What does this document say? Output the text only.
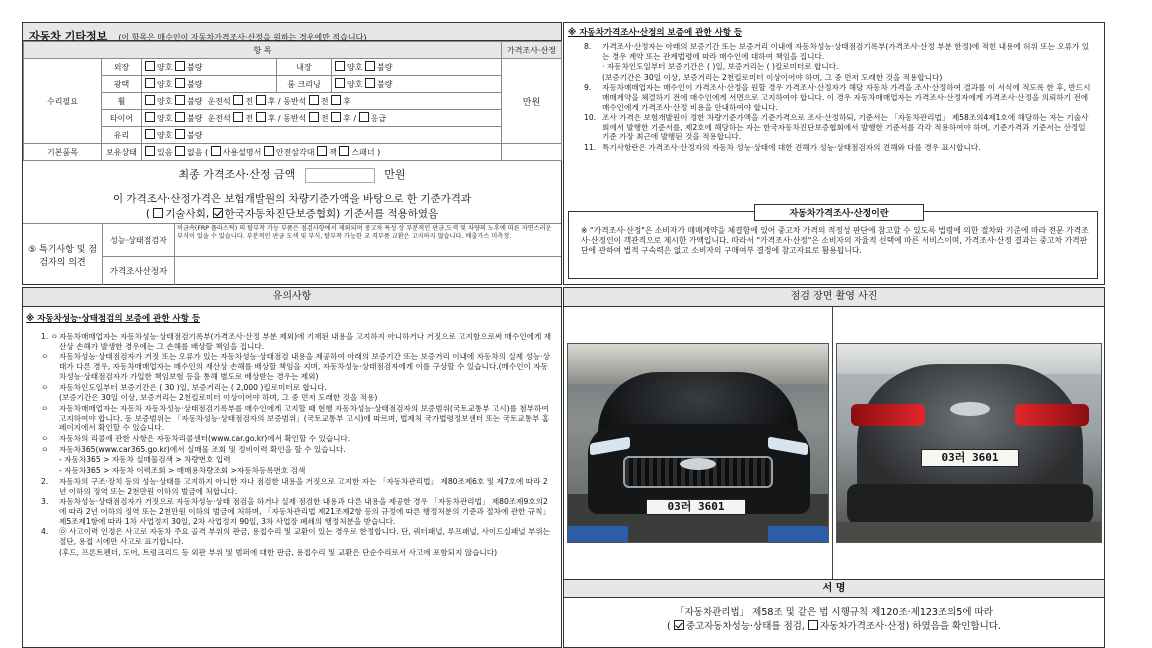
자동차 기타정보 (이 항목은 매수인이 자동차가격조사·산정을 원하는 경우에만 적습니다)
항 목					가격조사·산정
수리필요	외장	양호 불량	내장	양호 불량	만원
	광택	양호 불량	룸 크리닝	양호 불량	
	휠	양호 불량 운전석 전 후 / 동반석 전 후			
	타이어	양호 불량 운전석 전 후 / 동반석 전 후 / 응급			
	유리	양호 불량			
기본품목	보유상태	있음 없음 ( 사용설명서 안전삼각대 잭 스패너 )			
최종 가격조사·산정 금액	만원
이 가격조사·산정가격은 보험개발원의 차량기준가액을 바탕으로 한 기준가격과
( 기술사회, 한국자동차진단보증협회) 기준서를 적용하였음
⑤ 특기사항 및 점검자의 의견
성능·상태점검자
비금속(FRP 플라스틱) 의 탈부착 가능 부품은 점검사항에서 제외되며 중고차 특성 상 부분적인 판금,도색 및 차량의 노후에 따른 자연스러운 부식이 있을 수 있습니다. 부분적인 판금 도색 및 부식, 탈부착 가능한 교 격부품 교환은 고지하지 않습니다. 배출가스 미측정.
가격조사산정자
※ 자동차가격조사·산정의 보증에 관한 사항 등
8. 가격조사·산정자는 아래의 보증기간 또는 보증거리 이내에 자동차성능·상태점검기록부(가격조사·산정 부분 한정)에 적힌 내용에 허위 또는 오류가 있는 경우 계약 또는 관계법령에 따라 매수인에 대하여 책임을 집니다.
· 자동차인도일부터 보증기간은 ( )일, 보증거리는 ( )킬로미터로 합니다.
(보증기간은 30일 이상, 보증거리는 2천킬로미터 이상이어야 하며, 그 중 먼저 도래한 것을 적용합니다)
9. 자동차매매업자는 매수인이 가격조사·산정을 원할 경우 가격조사·산정자가 해당 자동차 가격을 조사·산정하여 결과를 이 서식에 적도록 한 후, 반드시 매매계약을 체결하기 전에 매수인에게 서면으로 고지하여야 합니다. 이 경우 자동차매매업자는 가격조사·산정자에게 가격조사·산정을 의뢰하기 전에 매수인에게 가격조사·산정 비용을 안내하여야 합니다.
10. 조사 가격은 보험개발원이 정한 차량기준가액을 기준가격으로 조사·산정하되, 기준서는 「자동차관리법」 제58조의4제1호에 해당하는 자는 기술사회에서 발행한 기준서를, 제2호에 해당하는 자는 한국자동차진단보증협회에서 발행한 기준서를 각각 적용하여야 하며, 기준가격과 기준서는 산정일 기준 가장 최근에 발행된 것을 적용합니다.
11. 특기사항란은 가격조사·산정자의 자동차 성능·상태에 대한 견해가 성능·상태점검자의 견해와 다를 경우 표시합니다.
자동차가격조사·산정이란
※ "가격조사·산정"은 소비자가 매매계약을 체결함에 있어 중고차 가격의 적정성 판단에 참고할 수 있도록 법령에 의한 절차와 기준에 따라 전문 가격조사·산정인이 객관적으로 제시한 가액입니다. 따라서 "가격조사·산정"은 소비자의 자율적 선택에 따른 서비스이며, 가격조사·산정 결과는 중고차 가격판단에 관하여 법적 구속력은 없고 소비자의 구매여부 결정에 참고자료로 활용됩니다.
유의사항
※ 자동차성능·상태점검의 보증에 관한 사항 등
1. ㅇ 자동차매매업자는 자동차성능·상태점검기록부(가격조사·산정 부분 제외)에 기재된 내용을 고지하지 아니하거나 거짓으로 고지함으로써 매수인에게 재산상 손해가 발생한 경우에는 그 손해를 배상할 책임을 집니다.
ㅇ 자동차성능·상태점검자가 거짓 또는 오류가 있는 자동차성능·상태점검 내용을 제공하여 아래의 보증기간 또는 보증거리 이내에 자동차의 실제 성능·상태가 다른 경우, 자동차매매업자는 매수인의 재산상 손해를 배상할 책임을 지며, 자동차성능·상태점검자에게 이를 구상할 수 있습니다.(매수인이 자동차성능·상태점검자가 가입한 책임보험 등을 통해 별도로 배상받는 경우는 제외)
ㅇ 자동차인도일부터 보증기간은 ( 30 )일, 보증거리는 ( 2,000 )킬로미터로 합니다.
(보증기간은 30일 이상, 보증거리는 2천킬로미터 이상이어야 하며, 그 중 먼저 도래한 것을 적용)
ㅇ 자동차매매업자는 자동차 자동차성능·상태점검기록부를 매수인에게 고지할 때 현행 자동차성능·상태점검자의 보증범위(국토교통부 고시)를 첨부하여 고지하여야 합니다. 동 보증범위는 「자동차성능·상태점검자의 보증범위」(국토교통부 고시)에 따르며, 법제처 국가법령정보센터 또는 국토교통부 홈페이지에서 확인할 수 있습니다.
ㅇ 자동차의 리콜에 관한 사항은 자동차리콜센터(www.car.go.kr)에서 확인할 수 있습니다.
ㅇ 자동차365(www.car365.go.kr)에서 실매물 조회 및 정비이력 확인을 할 수 있습니다.
- 자동차365 > 자동차 실매물검색 > 차량번호 입력
- 자동차365 > 자동차 이력조회 > 매매용차량조회 >자동차등록번호 검색
2. 자동차의 구조·장치 등의 성능·상태를 고지하지 아니한 자나 점검한 내용을 거짓으로 고지한 자는 「자동차관리법」 제80조제6호 및 제7호에 따라 2년 이하의 징역 또는 2천만원 이하의 벌금에 처합니다.
3. 자동차성능·상태점검자가 거짓으로 자동차성능·상태 점검을 하거나 실제 점검한 내용과 다른 내용을 제공한 경우 「자동차관리법」 제80조제9호의2에 따라 2년 이하의 징역 또는 2천만원 이하의 벌금에 처하며, 「자동차관리법 제21조제2항 등의 규정에 따른 행정처분의 기준과 절차에 관한 규칙」 제5조제1항에 따라 1차 사업정지 30일, 2차 사업정지 90일, 3차 사업장 폐쇄의 행정처분을 받습니다.
4. ㉧ 사고이력 인정은 사고로 자동차 주요 골격 부위의 판금, 용접수리 및 교환이 있는 경우로 한정합니다. 단, 쿼터패널, 루프패널, 사이드실패널 부위는 절단, 용접 시에만 사고로 표기합니다.
(후드, 프론트펜더, 도어, 트렁크리드 등 외판 부위 및 범퍼에 대한 판금, 용접수리 및 교환은 단순수리로서 사고에 포함되지 않습니다)
점검 장면 촬영 사진
03러 3601
03러 3601
서 명
「자동차관리법」 제58조 및 같은 법 시행규칙 제120조·제123조의5에 따라
( 중고자동차성능·상태를 점검, 자동차가격조사·산정) 하였음을 확인합니다.
